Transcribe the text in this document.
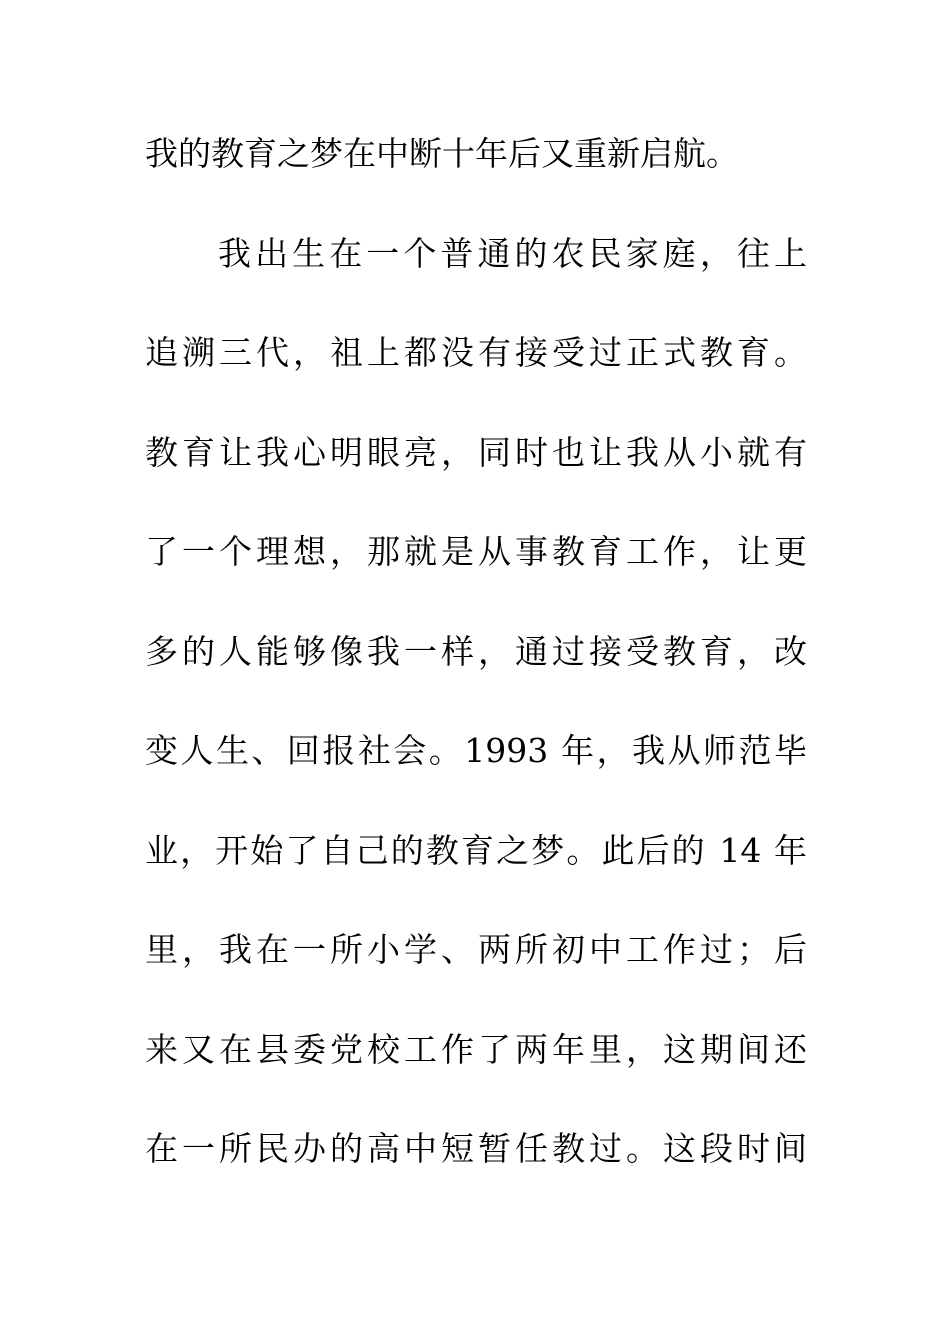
我的教育之梦在中断十年后又重新启航。
我出生在一个普通的农民家庭，往上
追溯三代，祖上都没有接受过正式教育。
教育让我心明眼亮，同时也让我从小就有
了一个理想，那就是从事教育工作，让更
多的人能够像我一样，通过接受教育，改
变人生、回报社会。1993 年，我从师范毕
业，开始了自己的教育之梦。此后的 14 年
里，我在一所小学、两所初中工作过；后
来又在县委党校工作了两年里，这期间还
在一所民办的高中短暂任教过。这段时间
